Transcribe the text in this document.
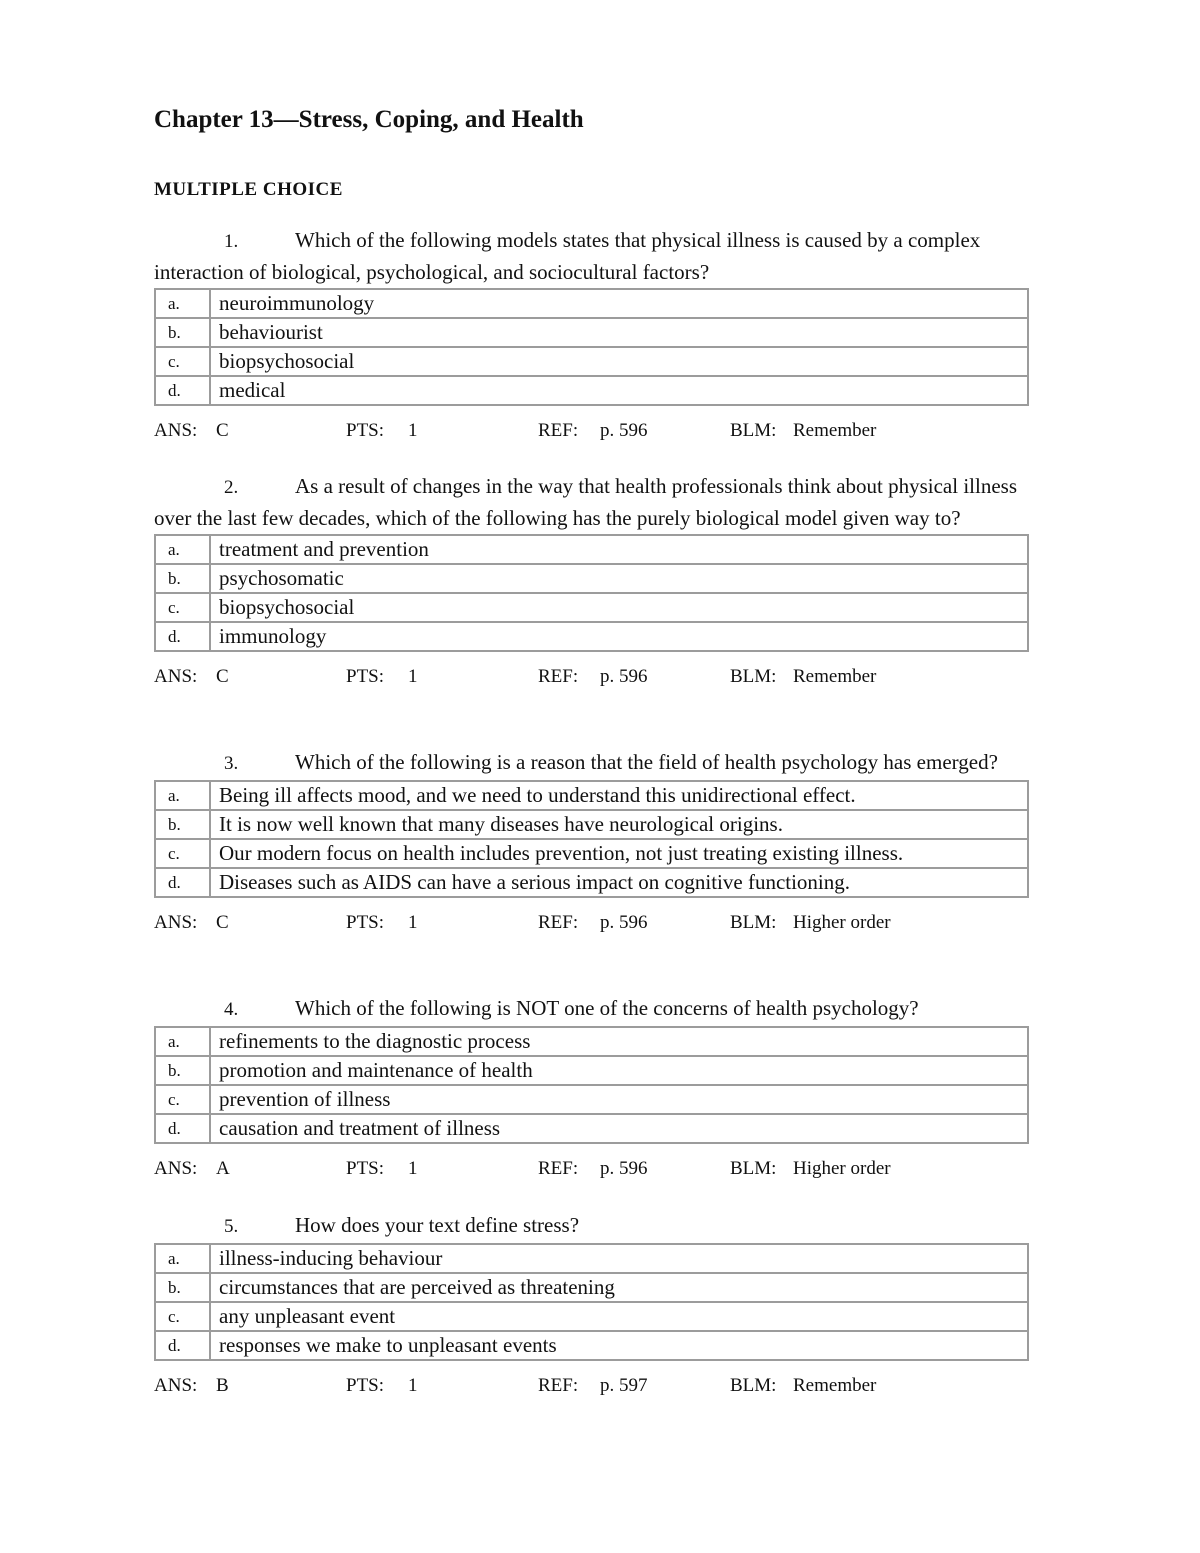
Chapter 13—Stress, Coping, and Health
MULTIPLE CHOICE

1.	Which of the following models states that physical illness is caused by a complex interaction of biological, psychological, and sociocultural factors?

a.	neuroimmunology
b.	behaviourist
c.	biopsychosocial
d.	medical
ANS: C	PTS: 1	REF: p. 596	BLM: Remember

2.	As a result of changes in the way that health professionals think about physical illness over the last few decades, which of the following has the purely biological model given way to?

a.	treatment and prevention
b.	psychosomatic
c.	biopsychosocial
d.	immunology
ANS: C	PTS: 1	REF: p. 596	BLM: Remember

3.	Which of the following is a reason that the field of health psychology has emerged?

a.	Being ill affects mood, and we need to understand this unidirectional effect.
b.	It is now well known that many diseases have neurological origins.
c.	Our modern focus on health includes prevention, not just treating existing illness.
d.	Diseases such as AIDS can have a serious impact on cognitive functioning.
ANS: C	PTS: 1	REF: p. 596	BLM: Higher order

4.	Which of the following is NOT one of the concerns of health psychology?

a.	refinements to the diagnostic process
b.	promotion and maintenance of health
c.	prevention of illness
d.	causation and treatment of illness
ANS: A	PTS: 1	REF: p. 596	BLM: Higher order

5.	How does your text define stress?

a.	illness-inducing behaviour
b.	circumstances that are perceived as threatening
c.	any unpleasant event
d.	responses we make to unpleasant events
ANS: B	PTS: 1	REF: p. 597	BLM: Remember
